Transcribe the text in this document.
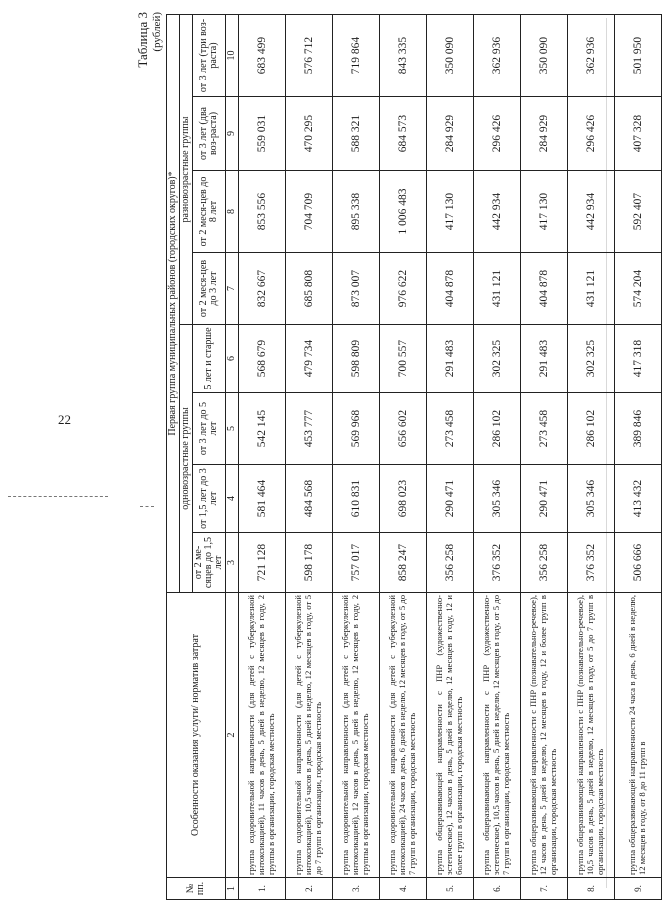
22
Таблица 3 (рублей)
№ пп.	Особенности оказания услуги/ норматив затрат	Первая группа муниципальных районов (городских округов)*							
		одновозрастные группы				разновозрастные группы			
		от 2 ме-сяцев до 1,5 лет	от 1,5 лет до 3 лет	от 3 лет до 5 лет	5 лет и старше	от 2 меся-цев до 3 лет	от 2 меся-цев до 8 лет	от 3 лет (два воз-раста)	от 3 лет (три воз-раста)
1	2	3	4	5	6	7	8	9	10
1.	группа оздоровительной направленности (для детей с туберкулезной интоксикацией), 11 часов в день, 5 дней в неделю, 12 месяцев в году, 2 группы в организации, городская местность	721 128	581 464	542 145	568 679	832 667	853 556	559 031	683 499
2.	группа оздоровительной направленности (для детей с туберкулезной интоксикацией), 10,5 часов в день, 5 дней в неделю, 12 месяцев в году, от 5 до 7 групп в организации, городская местность	598 178	484 568	453 777	479 734	685 808	704 709	470 295	576 712
3.	группа оздоровительной направленности (для детей с туберкулезной интоксикацией), 12 часов в день, 5 дней в неделю, 12 месяцев в году, 2 группы в организации, городская местность	757 017	610 831	569 968	598 809	873 007	895 338	588 321	719 864
4.	группа оздоровительной направленности (для детей с туберкулезной интоксикацией), 24 часов в день, 6 дней в неделю, 12 месяцев в году, от 5 до 7 групп в организации, городская местность	858 247	698 023	656 602	700 557	976 622	1 006 483	684 573	843 335
5.	группа общеразвивающей направленности с ПНР (художественно-эстетическое), 12 часов в день, 5 дней в неделю, 12 месяцев в году, 12 и более групп в организации, городская местность	356 258	290 471	273 458	291 483	404 878	417 130	284 929	350 090
6.	группа общеразвивающей направленности с ПНР (художественно-эстетическое), 10,5 часов в день, 5 дней в неделю, 12 месяцев в году, от 5 до 7 групп в организации, городская местность	376 352	305 346	286 102	302 325	431 121	442 934	296 426	362 936
7.	группа общеразвивающей направленности с ПНР (познавательно-речевое), 12 часов в день, 5 дней в неделю, 12 месяцев в году, 12 и более групп в организации, городская местность	356 258	290 471	273 458	291 483	404 878	417 130	284 929	350 090
8.	группа общеразвивающей направленности с ПНР (познавательно-речевое), 10,5 часов в день, 5 дней в неделю, 12 месяцев в году, от 5 до 7 групп в организации, городская местность	376 352	305 346	286 102	302 325	431 121	442 934	296 426	362 936
9.	группа общеразвивающей направленности 24 часа в день, 6 дней в неделю, 12 месяцев в году, от 8 до 11 групп в	506 666	413 432	389 846	417 318	574 204	592 407	407 328	501 950
